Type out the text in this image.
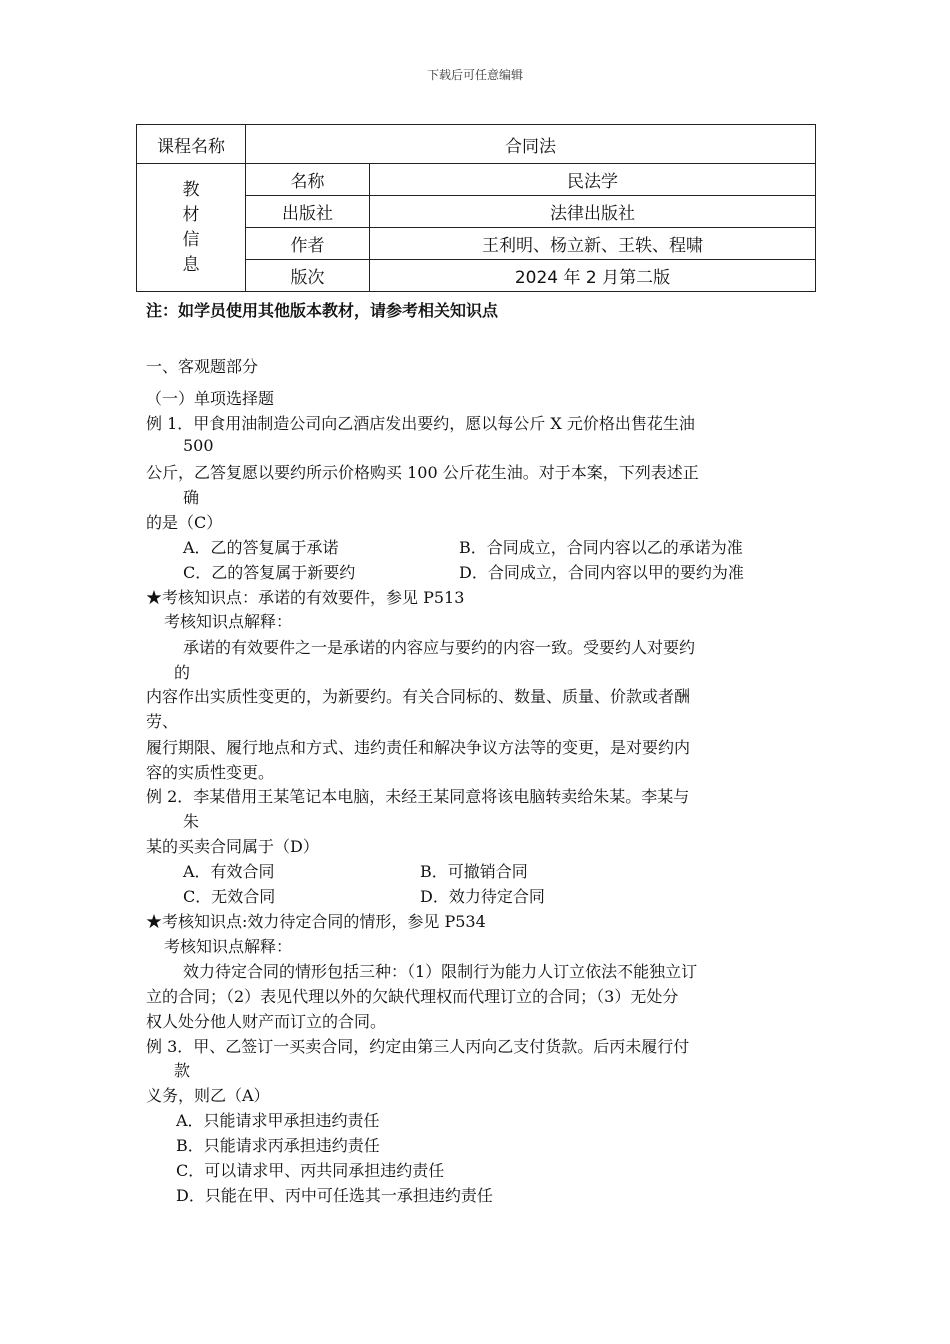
下载后可任意编辑
课程名称	合同法	

教
材
信
息	名称	民法学
	出版社	法律出版社
	作者	王利明、杨立新、王轶、程啸
	版次	2024 年 2 月第二版
注：如学员使用其他版本教材，请参考相关知识点
一、客观题部分
（一）单项选择题
例 1．甲食用油制造公司向乙酒店发出要约，愿以每公斤 X 元价格出售花生油
500
公斤，乙答复愿以要约所示价格购买 100 公斤花生油。对于本案，下列表述正
确
的是（C）
A．乙的答复属于承诺	B．合同成立，合同内容以乙的承诺为准
C．乙的答复属于新要约	D．合同成立，合同内容以甲的要约为准
★考核知识点：承诺的有效要件，参见 P513
考核知识点解释：
承诺的有效要件之一是承诺的内容应与要约的内容一致。受要约人对要约
的
内容作出实质性变更的，为新要约。有关合同标的、数量、质量、价款或者酬
劳、
履行期限、履行地点和方式、违约责任和解决争议方法等的变更，是对要约内
容的实质性变更。
例 2．李某借用王某笔记本电脑，未经王某同意将该电脑转卖给朱某。李某与
朱
某的买卖合同属于（D）
A．有效合同	B．可撤销合同
C．无效合同	D．效力待定合同
★考核知识点:效力待定合同的情形，参见 P534
考核知识点解释：
效力待定合同的情形包括三种：（1）限制行为能力人订立依法不能独立订
立的合同；（2）表见代理以外的欠缺代理权而代理订立的合同；（3）无处分
权人处分他人财产而订立的合同。
例 3．甲、乙签订一买卖合同，约定由第三人丙向乙支付货款。后丙未履行付
款
义务，则乙（A）
A．只能请求甲承担违约责任
B．只能请求丙承担违约责任
C．可以请求甲、丙共同承担违约责任
D．只能在甲、丙中可任选其一承担违约责任
